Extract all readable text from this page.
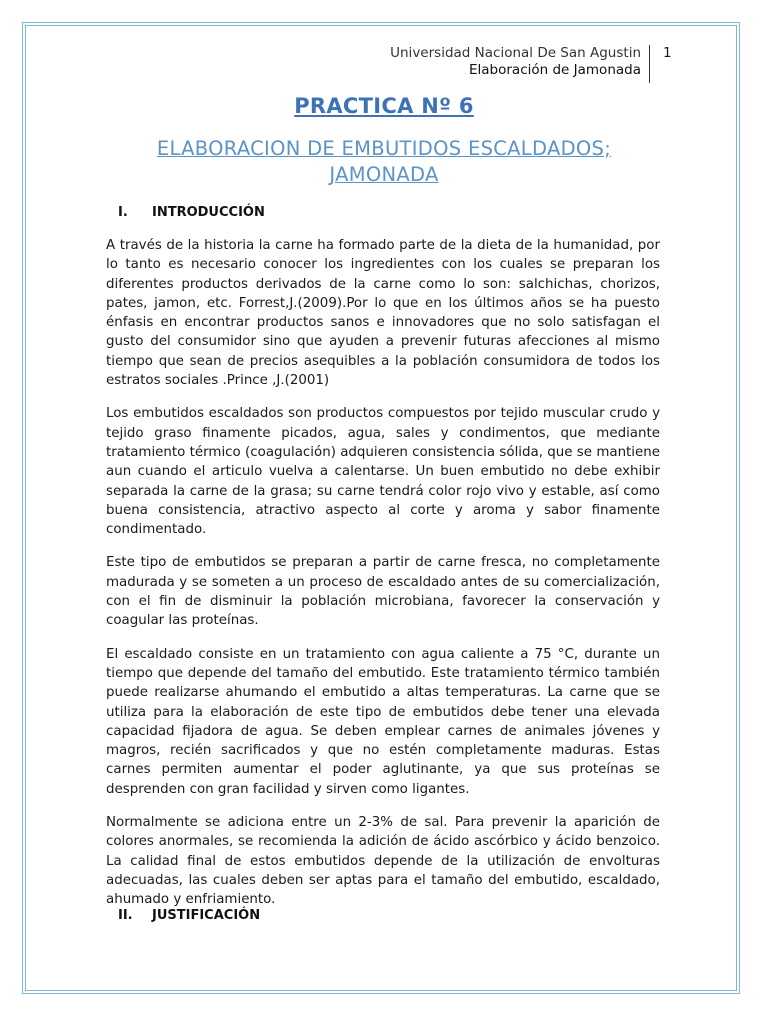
Universidad Nacional De San Agustin
Elaboración de Jamonada
1
PRACTICA Nº 6
ELABORACION DE EMBUTIDOS ESCALDADOS; JAMONADA
I. INTRODUCCIÓN

A través de la historia la carne ha formado parte de la dieta de la humanidad, por lo tanto es necesario conocer los ingredientes con los cuales se preparan los diferentes productos derivados de la carne como lo son: salchichas, chorizos, pates, jamon, etc. Forrest,J.(2009).Por lo que en los últimos años se ha puesto énfasis en encontrar productos sanos e innovadores que no solo satisfagan el gusto del consumidor sino que ayuden a prevenir futuras afecciones al mismo tiempo que sean de precios asequibles a la población consumidora de todos los estratos sociales .Prince ,J.(2001)

Los embutidos escaldados son productos compuestos por tejido muscular crudo y tejido graso finamente picados, agua, sales y condimentos, que mediante tratamiento térmico (coagulación) adquieren consistencia sólida, que se mantiene aun cuando el articulo vuelva a calentarse. Un buen embutido no debe exhibir separada la carne de la grasa; su carne tendrá color rojo vivo y estable, así como buena consistencia, atractivo aspecto al corte y aroma y sabor finamente condimentado.

Este tipo de embutidos se preparan a partir de carne fresca, no completamente madurada y se someten a un proceso de escaldado antes de su comercialización, con el fin de disminuir la población microbiana, favorecer la conservación y coagular las proteínas.

El escaldado consiste en un tratamiento con agua caliente a 75 °C, durante un tiempo que depende del tamaño del embutido. Este tratamiento térmico también puede realizarse ahumando el embutido a altas temperaturas. La carne que se utiliza para la elaboración de este tipo de embutidos debe tener una elevada capacidad fijadora de agua. Se deben emplear carnes de animales jóvenes y magros, recién sacrificados y que no estén completamente maduras. Estas carnes permiten aumentar el poder aglutinante, ya que sus proteínas se desprenden con gran facilidad y sirven como ligantes.

Normalmente se adiciona entre un 2-3% de sal. Para prevenir la aparición de colores anormales, se recomienda la adición de ácido ascórbico y ácido benzoico. La calidad final de estos embutidos depende de la utilización de envolturas adecuadas, las cuales deben ser aptas para el tamaño del embutido, escaldado, ahumado y enfriamiento.

II. JUSTIFICACIÓN
